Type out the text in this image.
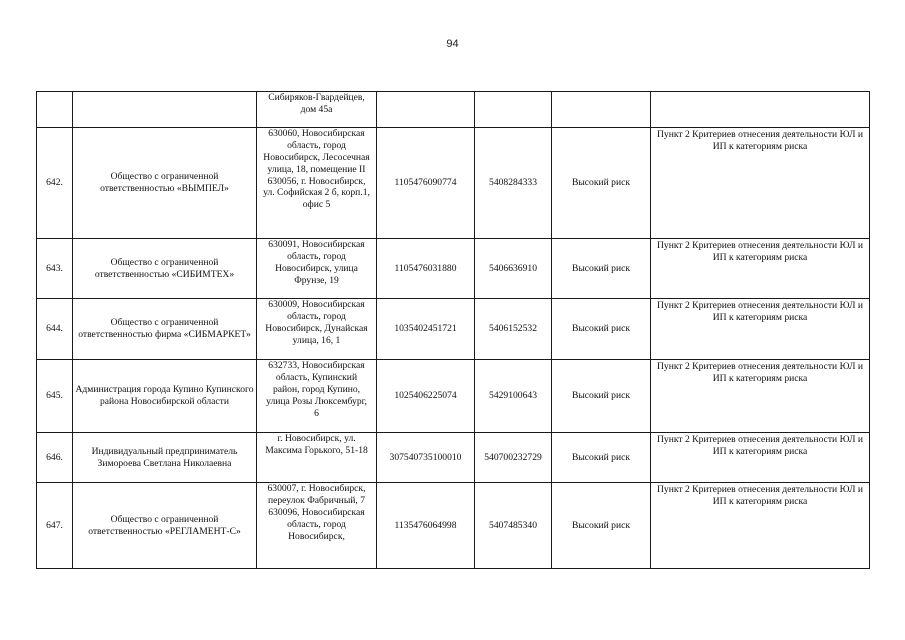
94
		Сибиряков-Гвардейцев, дом 45а				
642.	Общество с ограниченной ответственностью «ВЫМПЕЛ»	630060, Новосибирская область, город Новосибирск, Лесосечная улица, 18, помещение II 630056, г. Новосибирск, ул. Софийская 2 б, корп.1, офис 5	1105476090774	5408284333	Высокий риск	Пункт 2 Критериев отнесения деятельности ЮЛ и ИП к категориям риска
643.	Общество с ограниченной ответственностью «СИБИМТЕХ»	630091, Новосибирская область, город Новосибирск, улица Фрунзе, 19	1105476031880	5406636910	Высокий риск	Пункт 2 Критериев отнесения деятельности ЮЛ и ИП к категориям риска
644.	Общество с ограниченной ответственностью фирма «СИБМАРКЕТ»	630009, Новосибирская область, город Новосибирск, Дунайская улица, 16, 1	1035402451721	5406152532	Высокий риск	Пункт 2 Критериев отнесения деятельности ЮЛ и ИП к категориям риска
645.	Администрация города Купино Купинского района Новосибирской области	632733, Новосибирская область, Купинский район, город Купино, улица Розы Люксембург, 6	1025406225074	5429100643	Высокий риск	Пункт 2 Критериев отнесения деятельности ЮЛ и ИП к категориям риска
646.	Индивидуальный предприниматель Зимороева Светлана Николаевна	г. Новосибирск, ул. Максима Горького, 51-18	307540735100010	540700232729	Высокий риск	Пункт 2 Критериев отнесения деятельности ЮЛ и ИП к категориям риска
647.	Общество с ограниченной ответственностью «РЕГЛАМЕНТ-С»	630007, г. Новосибирск, переулок Фабричный, 7 630096, Новосибирская область, город Новосибирск,	1135476064998	5407485340	Высокий риск	Пункт 2 Критериев отнесения деятельности ЮЛ и ИП к категориям риска
